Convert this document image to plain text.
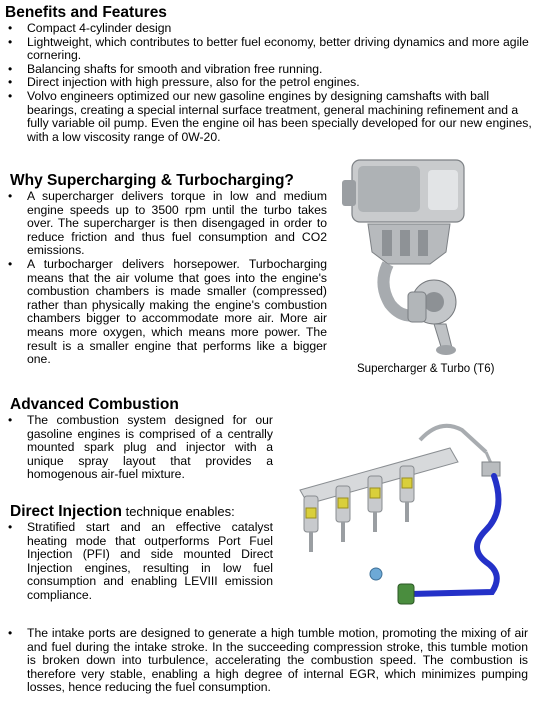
Benefits and Features
• Compact 4-cylinder design
• Lightweight, which contributes to better fuel economy, better driving dynamics and more agile cornering.
• Balancing shafts for smooth and vibration free running.
• Direct injection with high pressure, also for the petrol engines.
• Volvo engineers optimized our new gasoline engines by designing camshafts with ball bearings, creating a special internal surface treatment, general machining refinement and a fully variable oil pump. Even the engine oil has been specially developed for our new engines, with a low viscosity range of 0W-20.
Why Supercharging & Turbocharging?
• A supercharger delivers torque in low and medium engine speeds up to 3500 rpm until the turbo takes over. The supercharger is then disengaged in order to reduce friction and thus fuel consumption and CO2 emissions.
• A turbocharger delivers horsepower. Turbocharging means that the air volume that goes into the engine's combustion chambers is made smaller (compressed) rather than physically making the engine's combustion chambers bigger to accommodate more air. More air means more oxygen, which means more power. The result is a smaller engine that performs like a bigger one.
Supercharger & Turbo (T6)
Advanced Combustion
• The combustion system designed for our gasoline engines is comprised of a centrally mounted spark plug and injector with a unique spray layout that provides a homogenous air-fuel mixture.
Direct Injection technique enables:
• Stratified start and an effective catalyst heating mode that outperforms Port Fuel Injection (PFI) and side mounted Direct Injection engines, resulting in low fuel consumption and enabling LEVIII emission compliance.
• The intake ports are designed to generate a high tumble motion, promoting the mixing of air and fuel during the intake stroke. In the succeeding compression stroke, this tumble motion is broken down into turbulence, accelerating the combustion speed. The combustion is therefore very stable, enabling a high degree of internal EGR, which minimizes pumping losses, hence reducing the fuel consumption.
